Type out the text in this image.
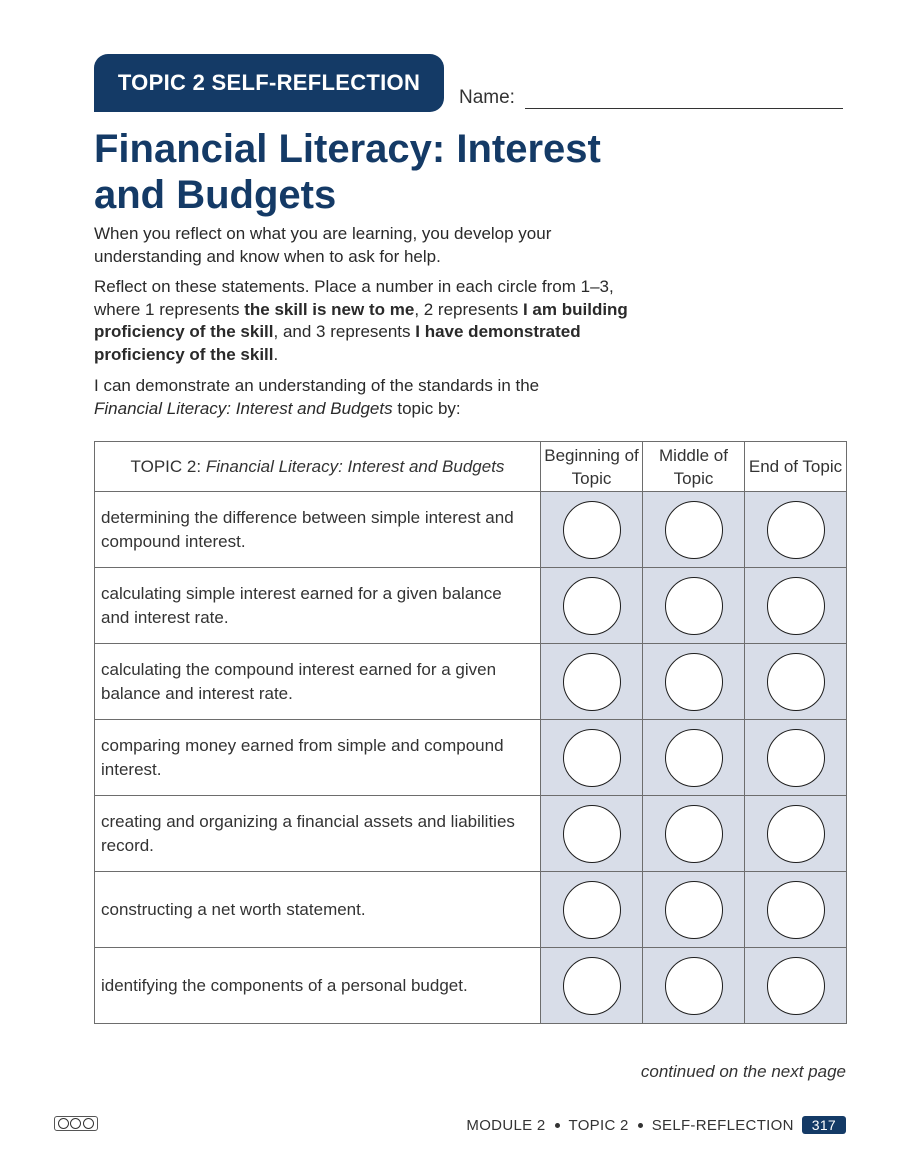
TOPIC 2 SELF-REFLECTION
Name:
Financial Literacy: Interest and Budgets

When you reflect on what you are learning, you develop your understanding and know when to ask for help.

Reflect on these statements. Place a number in each circle from 1–3, where 1 represents the skill is new to me, 2 represents I am building proficiency of the skill, and 3 represents I have demonstrated proficiency of the skill.

I can demonstrate an understanding of the standards in the Financial Literacy: Interest and Budgets topic by:

TOPIC 2: Financial Literacy: Interest and Budgets	Beginning of Topic	Middle of Topic	End of Topic
determining the difference between simple interest and compound interest.			
calculating simple interest earned for a given balance and interest rate.			
calculating the compound interest earned for a given balance and interest rate.			
comparing money earned from simple and compound interest.			
creating and organizing a financial assets and liabilities record.			
constructing a net worth statement.			
identifying the components of a personal budget.			
continued on the next page
MODULE 2 TOPIC 2 SELF-REFLECTION	317
